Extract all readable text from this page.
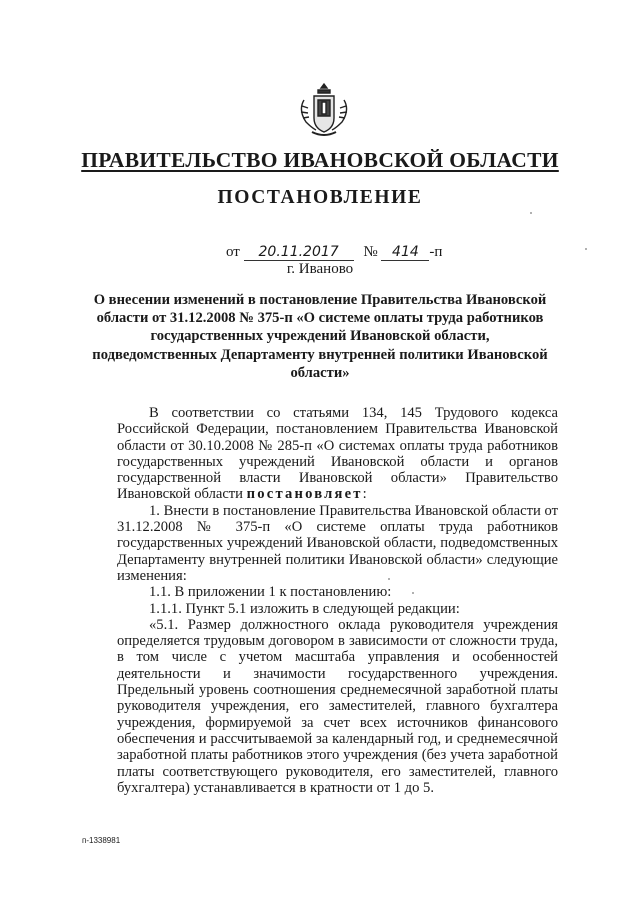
ПРАВИТЕЛЬСТВО ИВАНОВСКОЙ ОБЛАСТИ
ПОСТАНОВЛЕНИЕ
от 20.11.2017 № 414 -п
г. Иваново

О внесении изменений в постановление Правительства Ивановской области от 31.12.2008 № 375-п «О системе оплаты труда работников государственных учреждений Ивановской области, подведомственных Департаменту внутренней политики Ивановской области»

В соответствии со статьями 134, 145 Трудового кодекса Российской Федерации, постановлением Правительства Ивановской области от 30.10.2008 № 285-п «О системах оплаты труда работников государственных учреждений Ивановской области и органов государственной власти Ивановской области» Правительство Ивановской области постановляет:

1. Внести в постановление Правительства Ивановской области от 31.12.2008 № 375-п «О системе оплаты труда работников государственных учреждений Ивановской области, подведомственных Департаменту внутренней политики Ивановской области» следующие изменения:

1.1. В приложении 1 к постановлению:

1.1.1. Пункт 5.1 изложить в следующей редакции:

«5.1. Размер должностного оклада руководителя учреждения определяется трудовым договором в зависимости от сложности труда, в том числе с учетом масштаба управления и особенностей деятельности и значимости государственного учреждения. Предельный уровень соотношения среднемесячной заработной платы руководителя учреждения, его заместителей, главного бухгалтера учреждения, формируемой за счет всех источников финансового обеспечения и рассчитываемой за календарный год, и среднемесячной заработной платы работников этого учреждения (без учета заработной платы соответствующего руководителя, его заместителей, главного бухгалтера) устанавливается в кратности от 1 до 5.

п-1338981
